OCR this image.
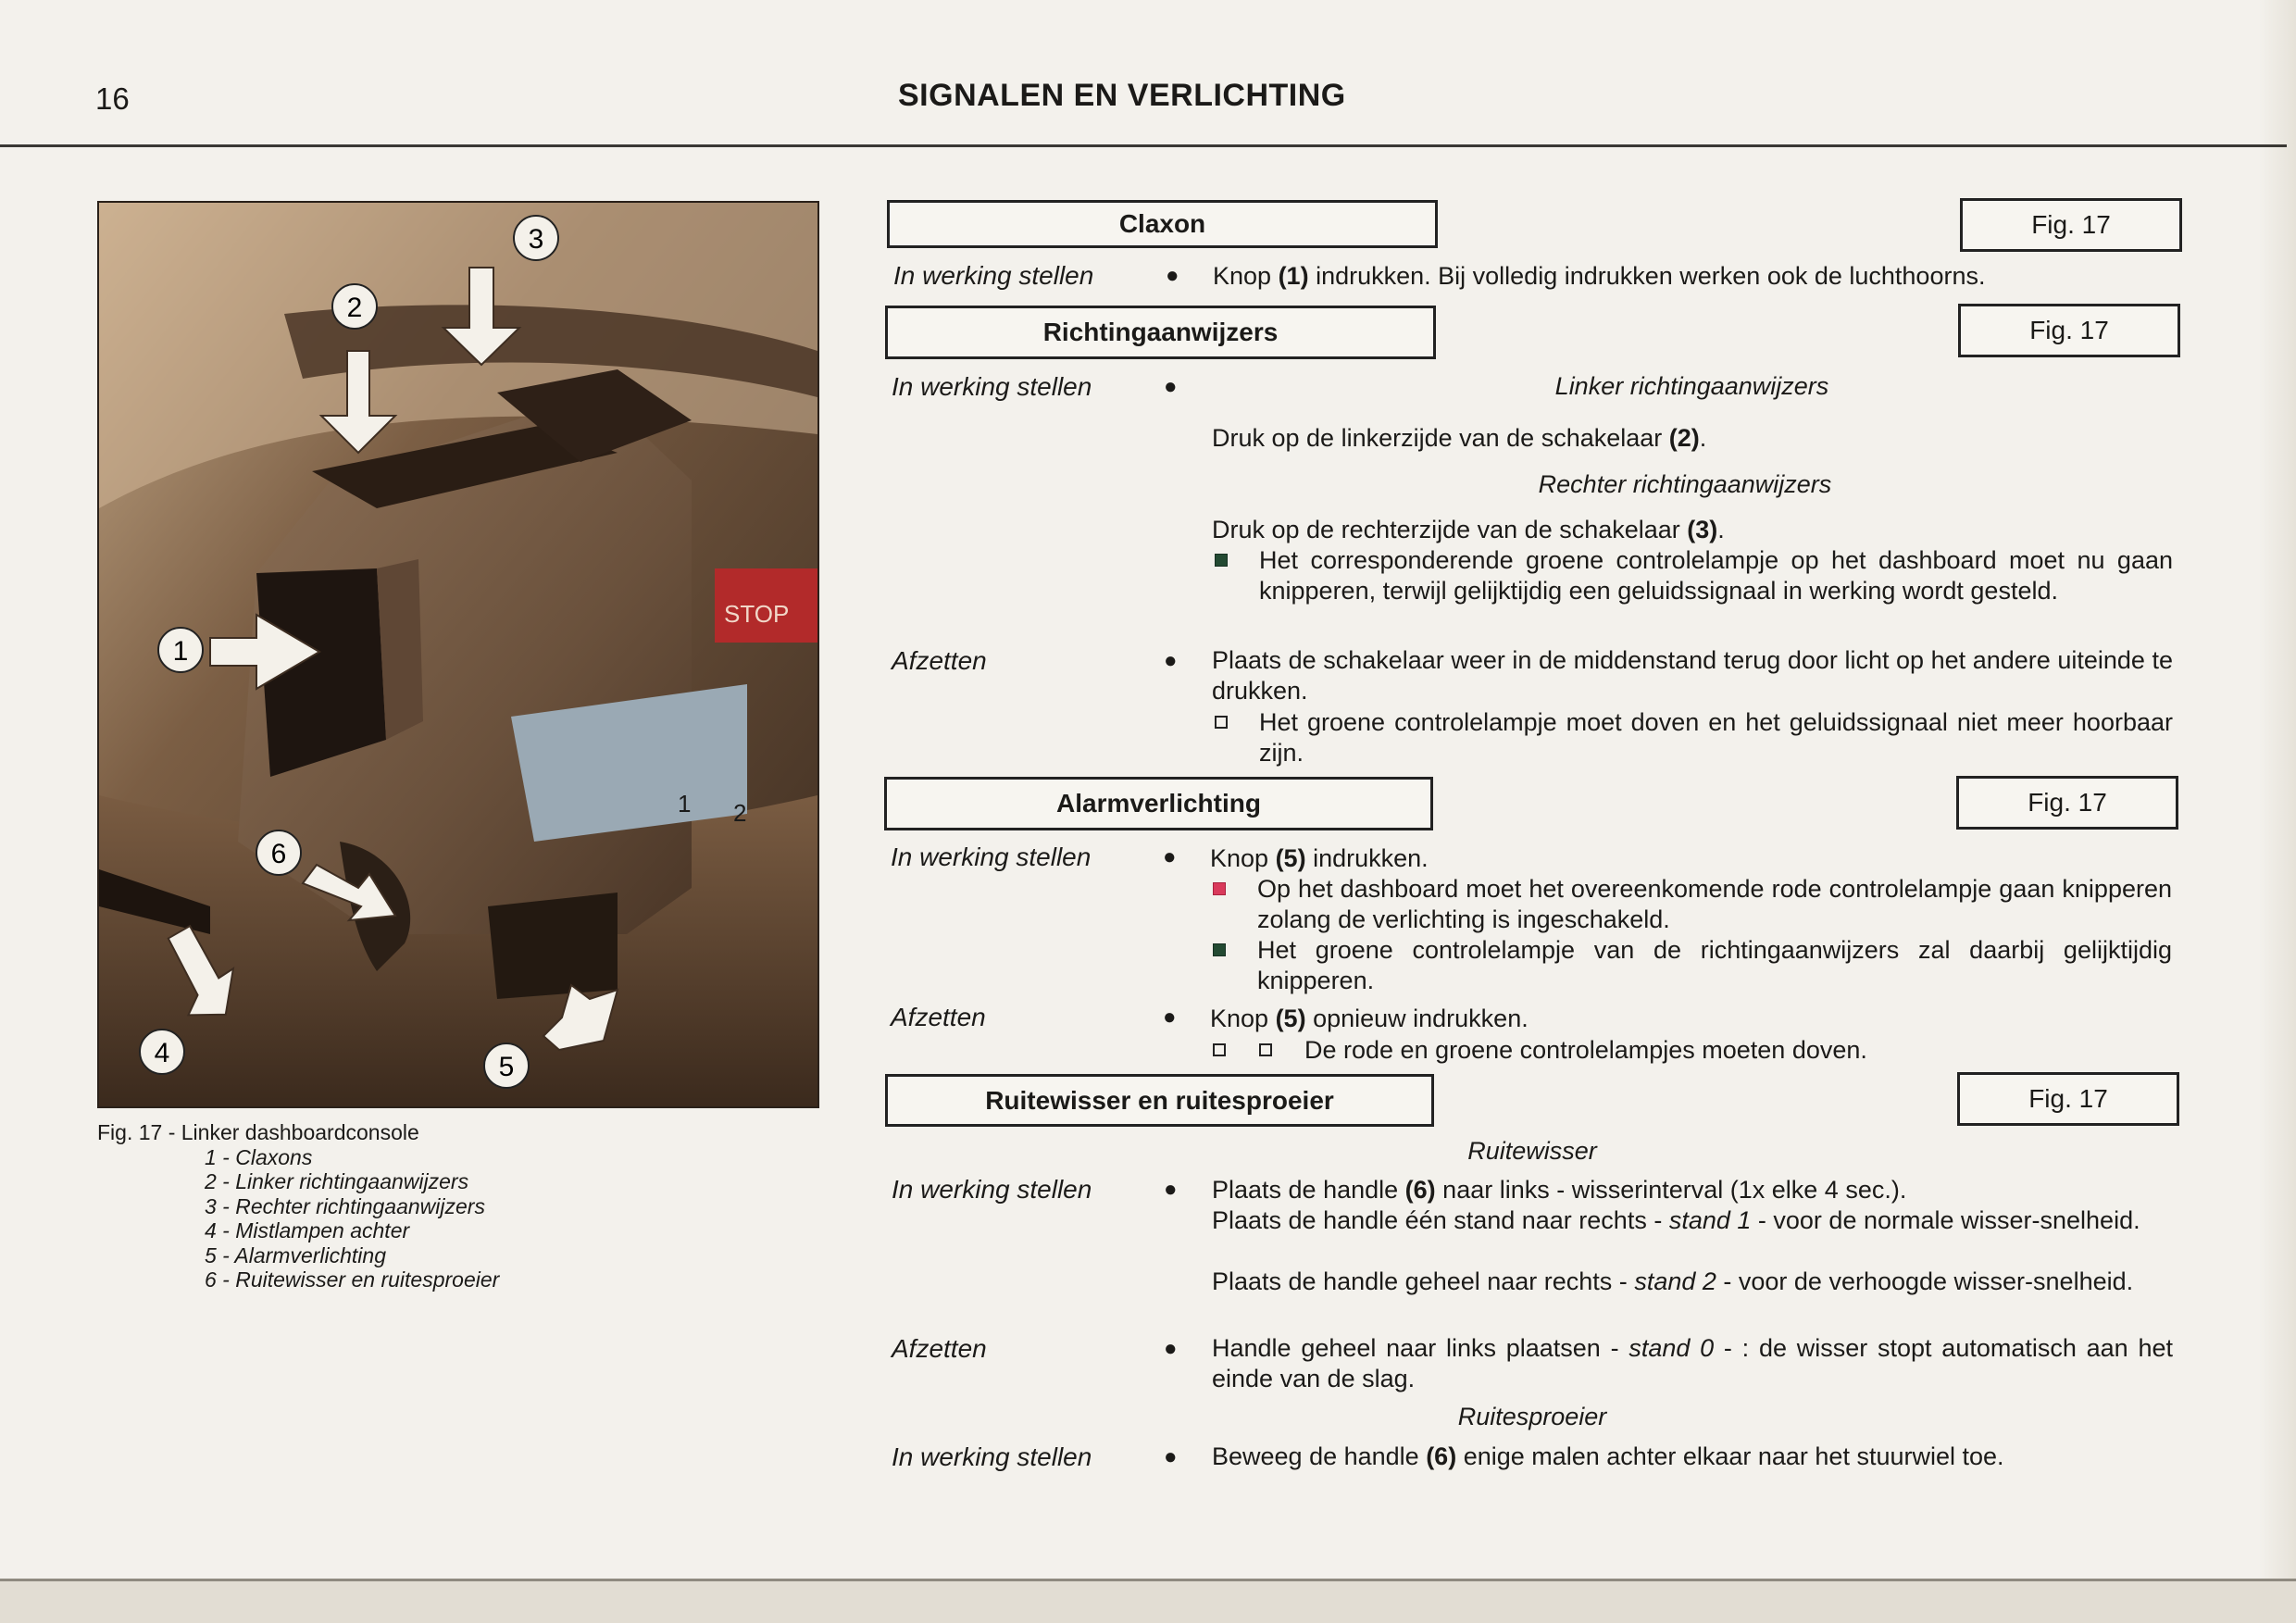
16	SIGNALEN EN VERLICHTING
STOP
1
2
3
4	5
6
1 2
Fig. 17 - Linker dashboardconsole
1 - Claxons
2 - Linker richtingaanwijzers
3 - Rechter richtingaanwijzers
4 - Mistlampen achter
5 - Alarmverlichting
6 - Ruitewisser en ruitesproeier
Claxon	Fig. 17
In werking stellen	● Knop (1) indrukken. Bij volledig indrukken werken ook de luchthoorns.
Richtingaanwijzers	Fig. 17
In werking stellen	●	Linker richtingaanwijzers
Druk op de linkerzijde van de schakelaar (2).
Rechter richtingaanwijzers
Druk op de rechterzijde van de schakelaar (3).
Het corresponderende groene controlelampje op het dashboard moet nu gaan knipperen, terwijl gelijktijdig een geluidssignaal in werking wordt gesteld.
Afzetten	● Plaats de schakelaar weer in de middenstand terug door licht op het andere uiteinde te drukken.
Het groene controlelampje moet doven en het geluidssignaal niet meer hoorbaar zijn.
Alarmverlichting	Fig. 17
In werking stellen	● Knop (5) indrukken.
Op het dashboard moet het overeenkomende rode controlelampje gaan knipperen zolang de verlichting is ingeschakeld.
Het groene controlelampje van de richtingaanwijzers zal daarbij gelijktijdig knipperen.
Afzetten	● Knop (5) opnieuw indrukken.
De rode en groene controlelampjes moeten doven.
Ruitewisser en ruitesproeier	Fig. 17
Ruitewisser
In werking stellen	● Plaats de handle (6) naar links - wisserinterval (1x elke 4 sec.).
Plaats de handle één stand naar rechts - stand 1 - voor de normale wisser-snelheid.
Plaats de handle geheel naar rechts - stand 2 - voor de verhoogde wisser-snelheid.
Afzetten	● Handle geheel naar links plaatsen - stand 0 - : de wisser stopt automatisch aan het einde van de slag.
Ruitesproeier
In werking stellen	● Beweeg de handle (6) enige malen achter elkaar naar het stuurwiel toe.
